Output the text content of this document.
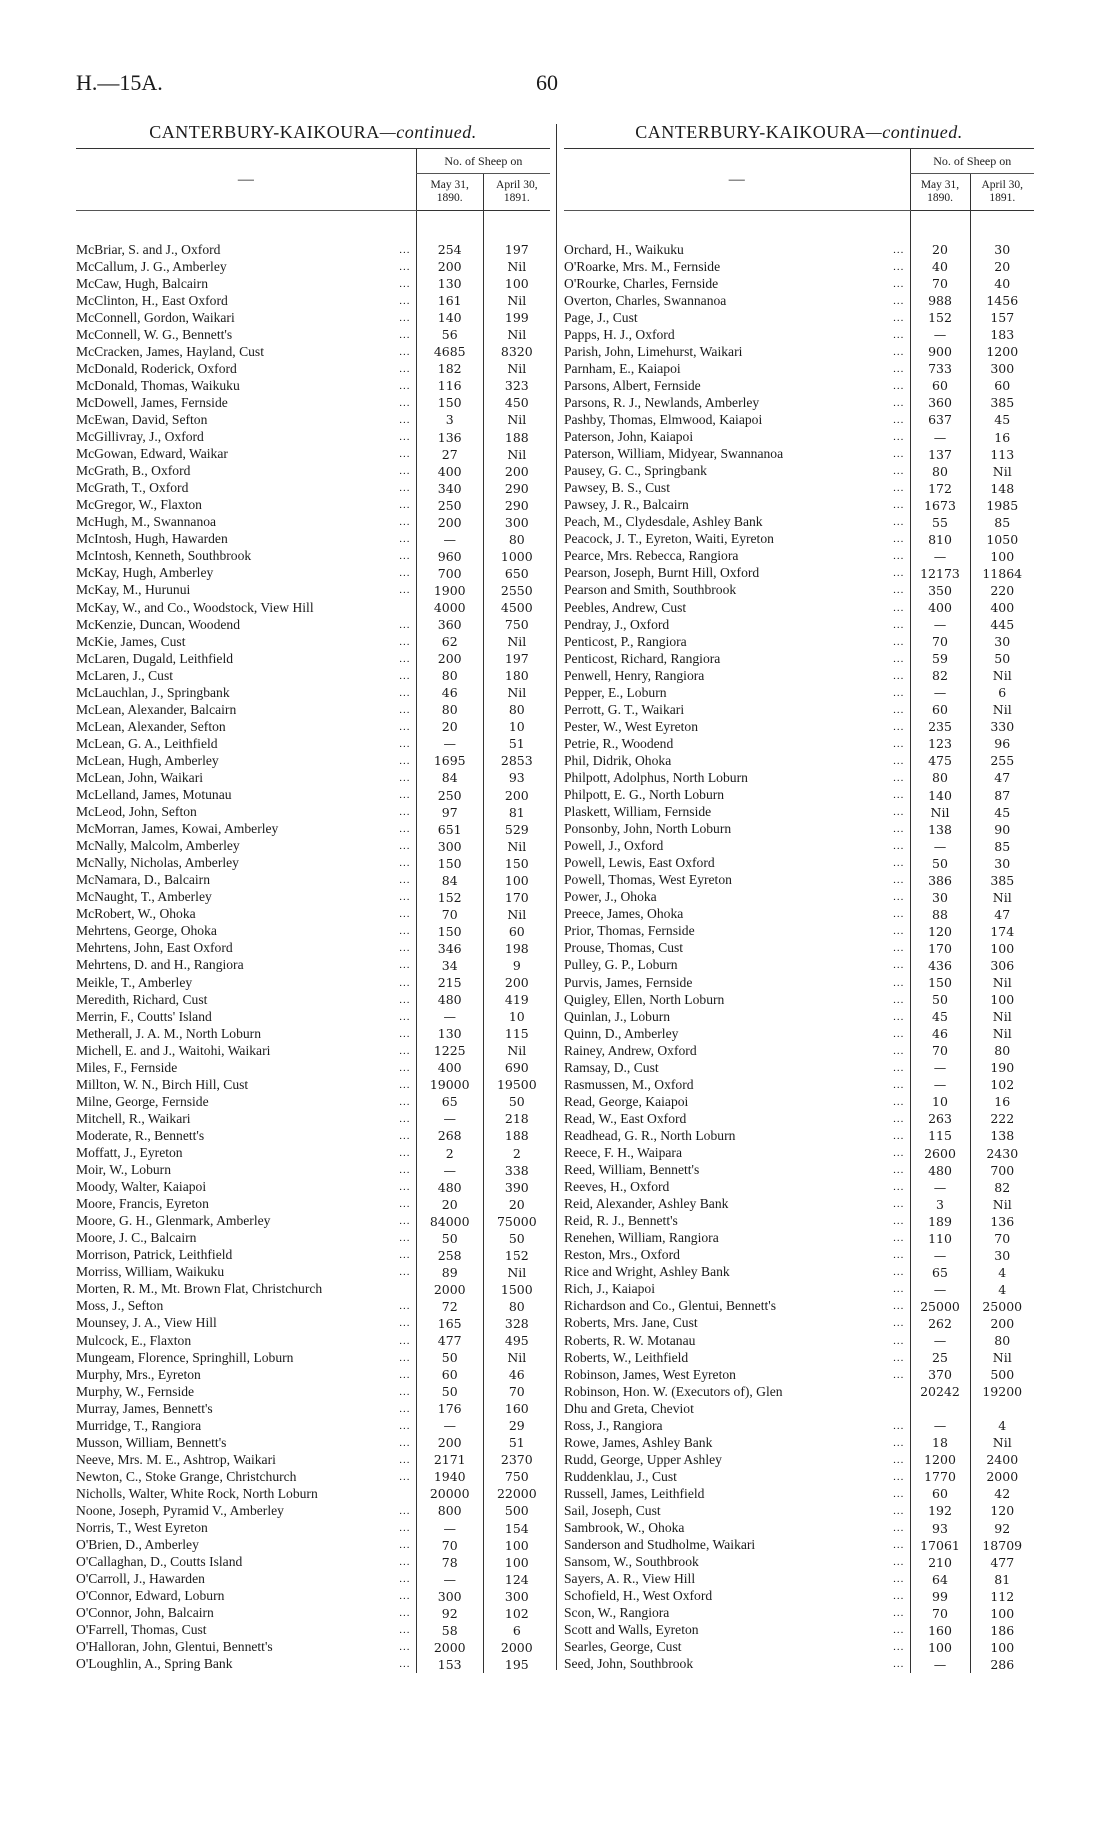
H.—15A.	60
CANTERBURY-KAIKOURA—continued.
—		No. of Sheep on	
		May 31, 1890.	April 30, 1891.

McBriar, S. and J., Oxford	...	254	197
McCallum, J. G., Amberley	...	200	Nil
McCaw, Hugh, Balcairn	...	130	100
McClinton, H., East Oxford	...	161	Nil
McConnell, Gordon, Waikari	...	140	199
McConnell, W. G., Bennett's	...	56	Nil
McCracken, James, Hayland, Cust	...	4685	8320
McDonald, Roderick, Oxford	...	182	Nil
McDonald, Thomas, Waikuku	...	116	323
McDowell, James, Fernside	...	150	450
McEwan, David, Sefton	...	3	Nil
McGillivray, J., Oxford	...	136	188
McGowan, Edward, Waikar	...	27	Nil
McGrath, B., Oxford	...	400	200
McGrath, T., Oxford	...	340	290
McGregor, W., Flaxton	...	250	290
McHugh, M., Swannanoa	...	200	300
McIntosh, Hugh, Hawarden	...	—	80
McIntosh, Kenneth, Southbrook	...	960	1000
McKay, Hugh, Amberley	...	700	650
McKay, M., Hurunui	...	1900	2550
McKay, W., and Co., Woodstock, View Hill		4000	4500
McKenzie, Duncan, Woodend	...	360	750
McKie, James, Cust	...	62	Nil
McLaren, Dugald, Leithfield	...	200	197
McLaren, J., Cust	...	80	180
McLauchlan, J., Springbank	...	46	Nil
McLean, Alexander, Balcairn	...	80	80
McLean, Alexander, Sefton	...	20	10
McLean, G. A., Leithfield	...	—	51
McLean, Hugh, Amberley	...	1695	2853
McLean, John, Waikari	...	84	93
McLelland, James, Motunau	...	250	200
McLeod, John, Sefton	...	97	81
McMorran, James, Kowai, Amberley	...	651	529
McNally, Malcolm, Amberley	...	300	Nil
McNally, Nicholas, Amberley	...	150	150
McNamara, D., Balcairn	...	84	100
McNaught, T., Amberley	...	152	170
McRobert, W., Ohoka	...	70	Nil
Mehrtens, George, Ohoka	...	150	60
Mehrtens, John, East Oxford	...	346	198
Mehrtens, D. and H., Rangiora	...	34	9
Meikle, T., Amberley	...	215	200
Meredith, Richard, Cust	...	480	419
Merrin, F., Coutts' Island	...	—	10
Metherall, J. A. M., North Loburn	...	130	115
Michell, E. and J., Waitohi, Waikari	...	1225	Nil
Miles, F., Fernside	...	400	690
Millton, W. N., Birch Hill, Cust	...	19000	19500
Milne, George, Fernside	...	65	50
Mitchell, R., Waikari	...	—	218
Moderate, R., Bennett's	...	268	188
Moffatt, J., Eyreton	...	2	2
Moir, W., Loburn	...	—	338
Moody, Walter, Kaiapoi	...	480	390
Moore, Francis, Eyreton	...	20	20
Moore, G. H., Glenmark, Amberley	...	84000	75000
Moore, J. C., Balcairn	...	50	50
Morrison, Patrick, Leithfield	...	258	152
Morriss, William, Waikuku	...	89	Nil
Morten, R. M., Mt. Brown Flat, Christchurch		2000	1500
Moss, J., Sefton	...	72	80
Mounsey, J. A., View Hill	...	165	328
Mulcock, E., Flaxton	...	477	495
Mungeam, Florence, Springhill, Loburn	...	50	Nil
Murphy, Mrs., Eyreton	...	60	46
Murphy, W., Fernside	...	50	70
Murray, James, Bennett's	...	176	160
Murridge, T., Rangiora	...	—	29
Musson, William, Bennett's	...	200	51
Neeve, Mrs. M. E., Ashtrop, Waikari	...	2171	2370
Newton, C., Stoke Grange, Christchurch	...	1940	750
Nicholls, Walter, White Rock, North Loburn		20000	22000
Noone, Joseph, Pyramid V., Amberley	...	800	500
Norris, T., West Eyreton	...	—	154
O'Brien, D., Amberley	...	70	100
O'Callaghan, D., Coutts Island	...	78	100
O'Carroll, J., Hawarden	...	—	124
O'Connor, Edward, Loburn	...	300	300
O'Connor, John, Balcairn	...	92	102
O'Farrell, Thomas, Cust	...	58	6
O'Halloran, John, Glentui, Bennett's	...	2000	2000
O'Loughlin, A., Spring Bank	...	153	195
CANTERBURY-KAIKOURA—continued.
—		No. of Sheep on	
		May 31, 1890.	April 30, 1891.

Orchard, H., Waikuku	...	20	30
O'Roarke, Mrs. M., Fernside	...	40	20
O'Rourke, Charles, Fernside	...	70	40
Overton, Charles, Swannanoa	...	988	1456
Page, J., Cust	...	152	157
Papps, H. J., Oxford	...	—	183
Parish, John, Limehurst, Waikari	...	900	1200
Parnham, E., Kaiapoi	...	733	300
Parsons, Albert, Fernside	...	60	60
Parsons, R. J., Newlands, Amberley	...	360	385
Pashby, Thomas, Elmwood, Kaiapoi	...	637	45
Paterson, John, Kaiapoi	...	—	16
Paterson, William, Midyear, Swannanoa	...	137	113
Pausey, G. C., Springbank	...	80	Nil
Pawsey, B. S., Cust	...	172	148
Pawsey, J. R., Balcairn	...	1673	1985
Peach, M., Clydesdale, Ashley Bank	...	55	85
Peacock, J. T., Eyreton, Waiti, Eyreton	...	810	1050
Pearce, Mrs. Rebecca, Rangiora	...	—	100
Pearson, Joseph, Burnt Hill, Oxford	...	12173	11864
Pearson and Smith, Southbrook	...	350	220
Peebles, Andrew, Cust	...	400	400
Pendray, J., Oxford	...	—	445
Penticost, P., Rangiora	...	70	30
Penticost, Richard, Rangiora	...	59	50
Penwell, Henry, Rangiora	...	82	Nil
Pepper, E., Loburn	...	—	6
Perrott, G. T., Waikari	...	60	Nil
Pester, W., West Eyreton	...	235	330
Petrie, R., Woodend	...	123	96
Phil, Didrik, Ohoka	...	475	255
Philpott, Adolphus, North Loburn	...	80	47
Philpott, E. G., North Loburn	...	140	87
Plaskett, William, Fernside	...	Nil	45
Ponsonby, John, North Loburn	...	138	90
Powell, J., Oxford	...	—	85
Powell, Lewis, East Oxford	...	50	30
Powell, Thomas, West Eyreton	...	386	385
Power, J., Ohoka	...	30	Nil
Preece, James, Ohoka	...	88	47
Prior, Thomas, Fernside	...	120	174
Prouse, Thomas, Cust	...	170	100
Pulley, G. P., Loburn	...	436	306
Purvis, James, Fernside	...	150	Nil
Quigley, Ellen, North Loburn	...	50	100
Quinlan, J., Loburn	...	45	Nil
Quinn, D., Amberley	...	46	Nil
Rainey, Andrew, Oxford	...	70	80
Ramsay, D., Cust	...	—	190
Rasmussen, M., Oxford	...	—	102
Read, George, Kaiapoi	...	10	16
Read, W., East Oxford	...	263	222
Readhead, G. R., North Loburn	...	115	138
Reece, F. H., Waipara	...	2600	2430
Reed, William, Bennett's	...	480	700
Reeves, H., Oxford	...	—	82
Reid, Alexander, Ashley Bank	...	3	Nil
Reid, R. J., Bennett's	...	189	136
Renehen, William, Rangiora	...	110	70
Reston, Mrs., Oxford	...	—	30
Rice and Wright, Ashley Bank	...	65	4
Rich, J., Kaiapoi	...	—	4
Richardson and Co., Glentui, Bennett's	...	25000	25000
Roberts, Mrs. Jane, Cust	...	262	200
Roberts, R. W. Motanau	...	—	80
Roberts, W., Leithfield	...	25	Nil
Robinson, James, West Eyreton	...	370	500
Robinson, Hon. W. (Executors of), Glen		20242	19200
Dhu and Greta, Cheviot			
Ross, J., Rangiora	...	—	4
Rowe, James, Ashley Bank	...	18	Nil
Rudd, George, Upper Ashley	...	1200	2400
Ruddenklau, J., Cust	...	1770	2000
Russell, James, Leithfield	...	60	42
Sail, Joseph, Cust	...	192	120
Sambrook, W., Ohoka	...	93	92
Sanderson and Studholme, Waikari	...	17061	18709
Sansom, W., Southbrook	...	210	477
Sayers, A. R., View Hill	...	64	81
Schofield, H., West Oxford	...	99	112
Scon, W., Rangiora	...	70	100
Scott and Walls, Eyreton	...	160	186
Searles, George, Cust	...	100	100
Seed, John, Southbrook	...	—	286
